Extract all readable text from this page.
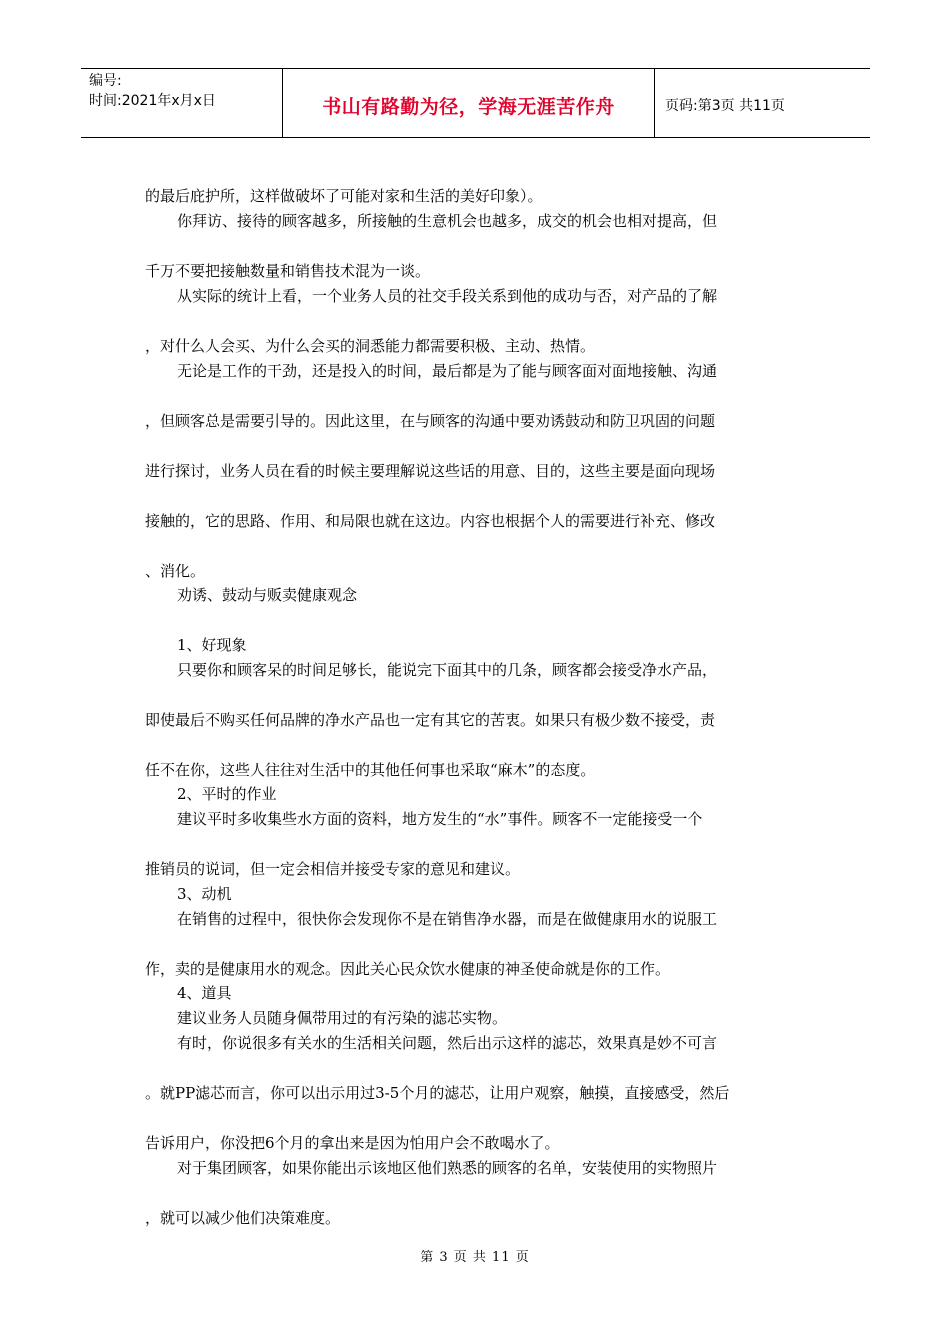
编号:
时间:2021年x月x日	书山有路勤为径，学海无涯苦作舟	页码:第3页 共11页
的最后庇护所，这样做破坏了可能对家和生活的美好印象）。
你拜访、接待的顾客越多，所接触的生意机会也越多，成交的机会也相对提高，但
千万不要把接触数量和销售技术混为一谈。
从实际的统计上看，一个业务人员的社交手段关系到他的成功与否，对产品的了解
，对什么人会买、为什么会买的洞悉能力都需要积极、主动、热情。
无论是工作的干劲，还是投入的时间，最后都是为了能与顾客面对面地接触、沟通
，但顾客总是需要引导的。因此这里，在与顾客的沟通中要劝诱鼓动和防卫巩固的问题
进行探讨，业务人员在看的时候主要理解说这些话的用意、目的，这些主要是面向现场
接触的，它的思路、作用、和局限也就在这边。内容也根据个人的需要进行补充、修改
、消化。
劝诱、鼓动与贩卖健康观念
1、好现象
只要你和顾客呆的时间足够长，能说完下面其中的几条，顾客都会接受净水产品，
即使最后不购买任何品牌的净水产品也一定有其它的苦衷。如果只有极少数不接受，责
任不在你，这些人往往对生活中的其他任何事也采取“麻木”的态度。
2、平时的作业
建议平时多收集些水方面的资料，地方发生的“水”事件。顾客不一定能接受一个
推销员的说词，但一定会相信并接受专家的意见和建议。
3、动机
在销售的过程中，很快你会发现你不是在销售净水器，而是在做健康用水的说服工
作，卖的是健康用水的观念。因此关心民众饮水健康的神圣使命就是你的工作。
4、道具
建议业务人员随身佩带用过的有污染的滤芯实物。
有时，你说很多有关水的生活相关问题，然后出示这样的滤芯，效果真是妙不可言
。就PP滤芯而言，你可以出示用过3-5个月的滤芯，让用户观察，触摸，直接感受，然后
告诉用户，你没把6个月的拿出来是因为怕用户会不敢喝水了。
对于集团顾客，如果你能出示该地区他们熟悉的顾客的名单，安装使用的实物照片
，就可以减少他们决策难度。
第 3 页 共 11 页
